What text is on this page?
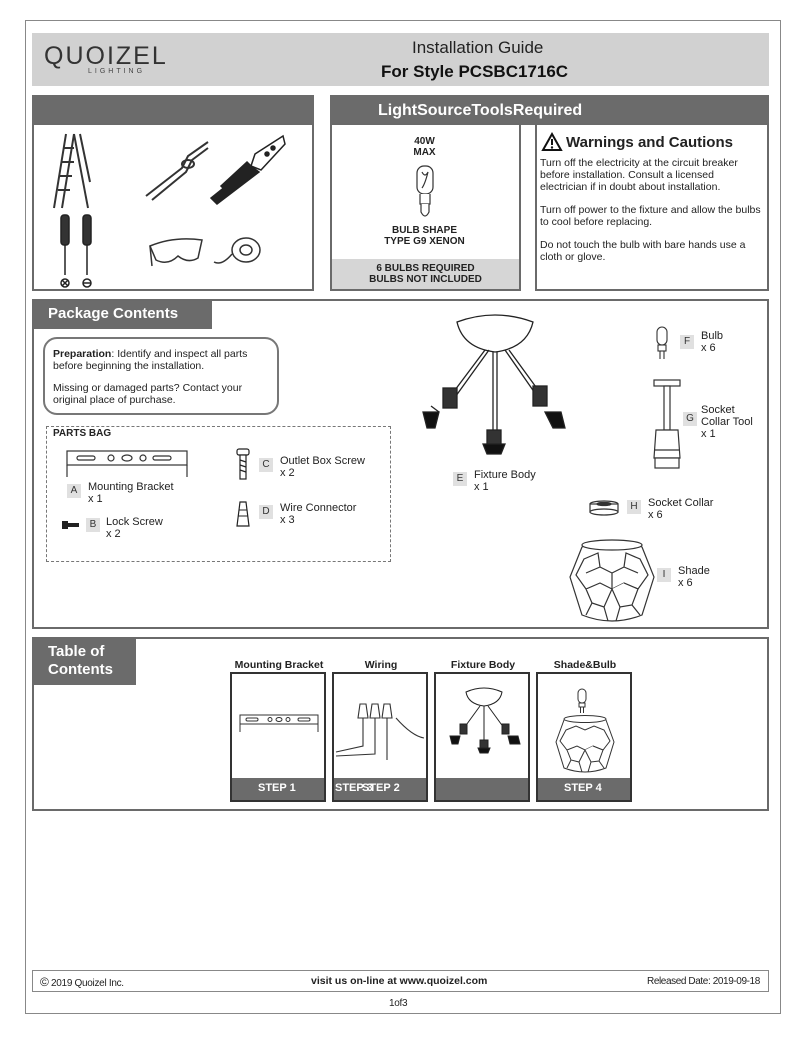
QUOIZEL
LIGHTING
Installation Guide
For Style PCSBC1716C
LightSourceToolsRequired
40W
MAX
BULB SHAPE
TYPE G9 XENON
6 BULBS REQUIRED
BULBS NOT INCLUDED
Warnings and Cautions
Turn off the electricity at the circuit breaker before installation. Consult a licensed electrician if in doubt about installation.
Turn off power to the fixture and allow the bulbs to cool before replacing.
Do not touch the bulb with bare hands use a cloth or glove.
Package Contents
Preparation: Identify and inspect all parts before beginning the installation.
Missing or damaged parts? Contact your original place of purchase.
PARTS BAG
A Mounting Bracket
x 1
B Lock Screw
x 2
C Outlet Box Screw
x 2
D Wire Connector
x 3
E Fixture Body
x 1
F Bulb
x 6
G
Socket
Collar Tool
x 1
H Socket Collar
x 6
I	Shade
x 6
Table of
Contents	Mounting Bracket	Wiring	Fixture Body	Shade&Bulb
STEP 1	STEP 2
STEP 3	STEP 4
© 2019 Quoizel Inc.	visit us on-line at www.quoizel.com	Released Date: 2019-09-18
1of3
